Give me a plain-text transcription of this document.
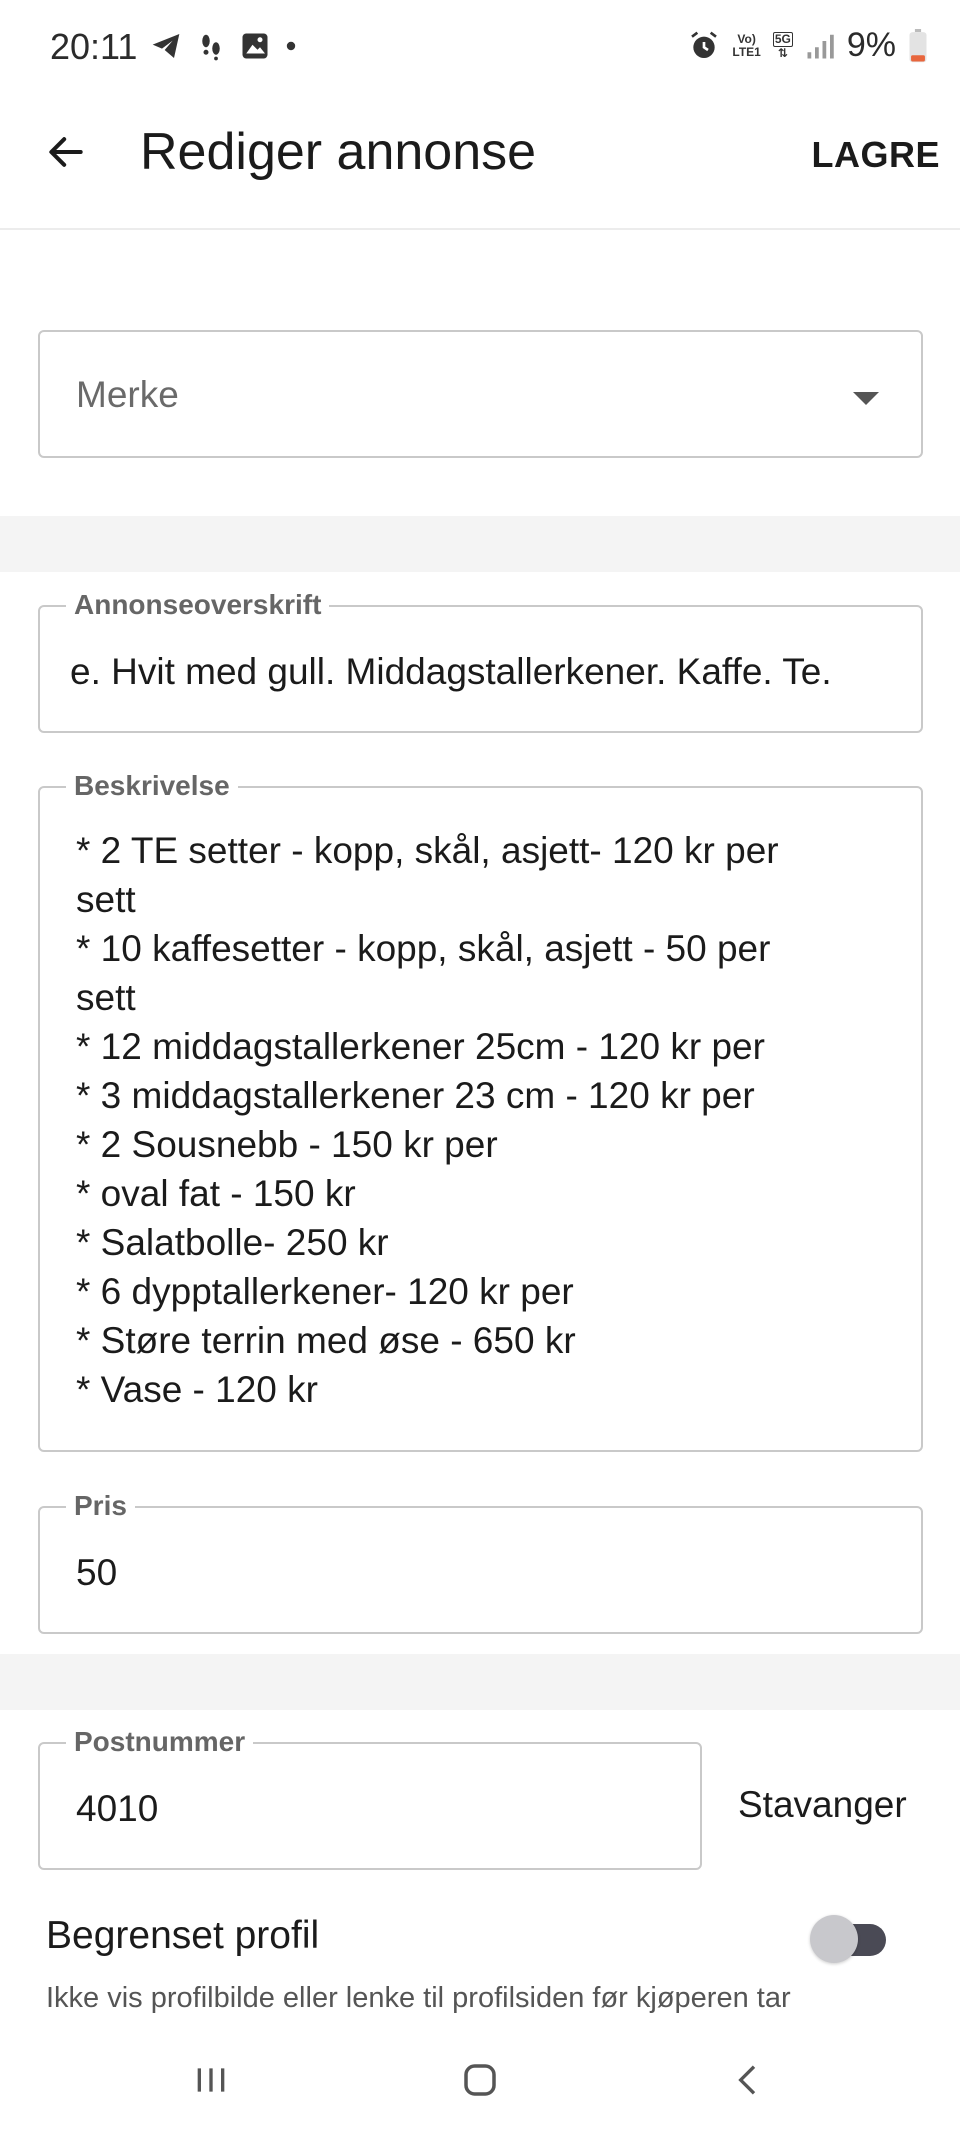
20:11	Vo)
LTE1
5G
⇅ 9%
Rediger annonse	LAGRE
Merke
Annonseoverskrift
e. Hvit med gull. Middagstallerkener. Kaffe. Te.
Beskrivelse
* 2 TE setter - kopp, skål, asjett- 120 kr per
sett
* 10 kaffesetter - kopp, skål, asjett - 50 per
sett
* 12 middagstallerkener 25cm - 120 kr per
* 3 middagstallerkener 23 cm - 120 kr per
* 2 Sousnebb - 150 kr per
* oval fat - 150 kr
* Salatbolle- 250 kr
* 6 dypptallerkener- 120 kr per
* Støre terrin med øse - 650 kr
* Vase - 120 kr
Pris
50
Postnummer
4010	Stavanger
Begrenset profil
Ikke vis profilbilde eller lenke til profilsiden før kjøperen tar
